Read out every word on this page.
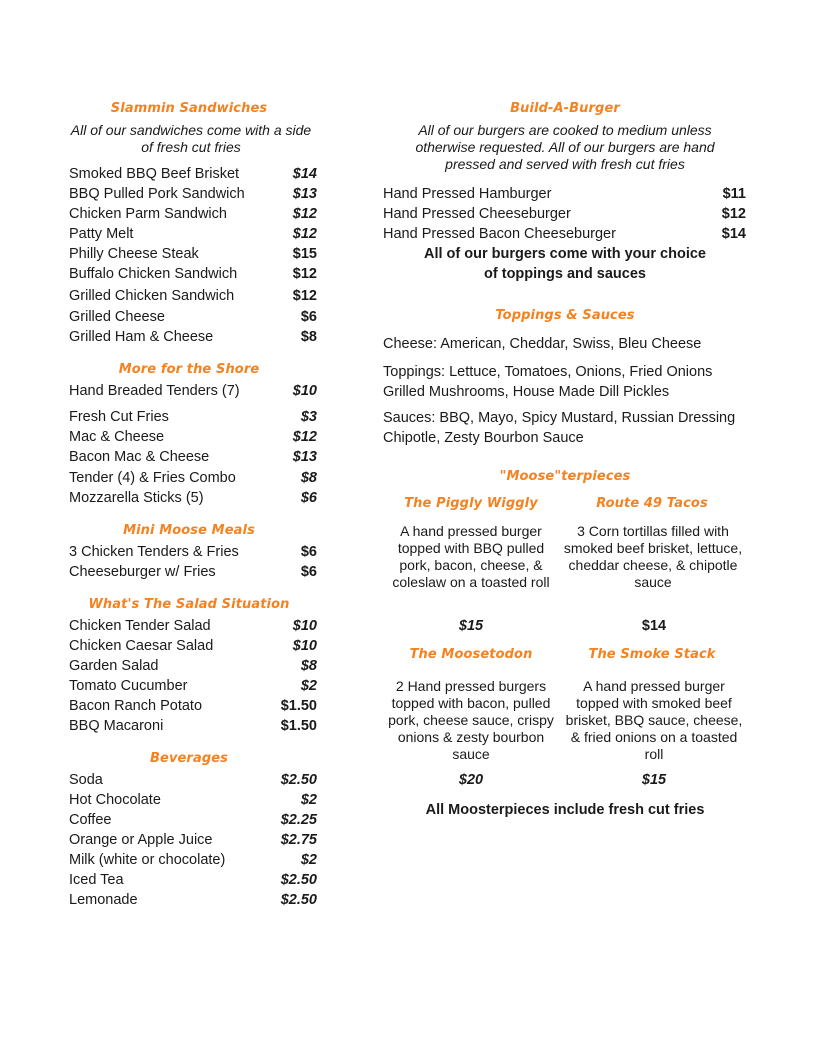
Slammin Sandwiches
All of our sandwiches come with a side of fresh cut fries
Smoked BBQ Beef Brisket	$14
BBQ Pulled Pork Sandwich	$13
Chicken Parm Sandwich	$12
Patty Melt	$12
Philly Cheese Steak	$15
Buffalo Chicken Sandwich	$12
Grilled Chicken Sandwich	$12
Grilled Cheese	$6
Grilled Ham & Cheese	$8
More for the Shore
Hand Breaded Tenders (7)	$10
Fresh Cut Fries	$3
Mac & Cheese	$12
Bacon Mac & Cheese	$13
Tender (4) & Fries Combo	$8
Mozzarella Sticks (5)	$6
Mini Moose Meals
3 Chicken Tenders & Fries	$6
Cheeseburger w/ Fries	$6
What's The Salad Situation
Chicken Tender Salad	$10
Chicken Caesar Salad	$10
Garden Salad	$8
Tomato Cucumber	$2
Bacon Ranch Potato	$1.50
BBQ Macaroni	$1.50
Beverages
Soda	$2.50
Hot Chocolate	$2
Coffee	$2.25
Orange or Apple Juice	$2.75
Milk (white or chocolate)	$2
Iced Tea	$2.50
Lemonade	$2.50
Build-A-Burger
All of our burgers are cooked to medium unless otherwise requested. All of our burgers are hand pressed and served with fresh cut fries
Hand Pressed Hamburger	$11
Hand Pressed Cheeseburger	$12
Hand Pressed Bacon Cheeseburger	$14
All of our burgers come with your choice
of toppings and sauces
Toppings & Sauces
Cheese: American, Cheddar, Swiss, Bleu Cheese
Toppings: Lettuce, Tomatoes, Onions, Fried Onions
Grilled Mushrooms, House Made Dill Pickles
Sauces: BBQ, Mayo, Spicy Mustard, Russian Dressing
Chipotle, Zesty Bourbon Sauce
"Moose"terpieces
The Piggly Wiggly	Route 49 Tacos
A hand pressed burger topped with BBQ pulled pork, bacon, cheese, & coleslaw on a toasted roll
3 Corn tortillas filled with smoked beef brisket, lettuce, cheddar cheese, & chipotle sauce
$15	$14
The Moosetodon	The Smoke Stack
2 Hand pressed burgers topped with bacon, pulled pork, cheese sauce, crispy onions & zesty bourbon sauce
A hand pressed burger topped with smoked beef brisket, BBQ sauce, cheese, & fried onions on a toasted roll
$20	$15
All Moosterpieces include fresh cut fries
